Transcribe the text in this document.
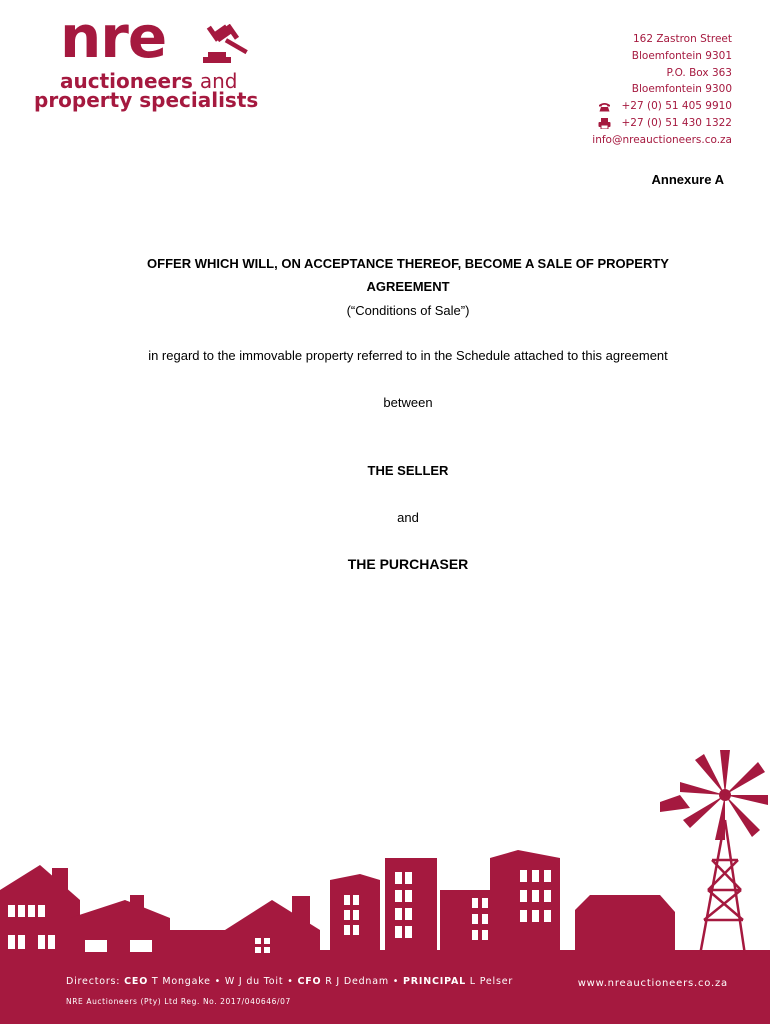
nre
auctioneers and
property specialists
162 Zastron Street
Bloemfontein 9301
P.O. Box 363
Bloemfontein 9300
+27 (0) 51 405 9910
+27 (0) 51 430 1322
info@nreauctioneers.co.za
Annexure A
OFFER WHICH WILL, ON ACCEPTANCE THEREOF, BECOME A SALE OF PROPERTY
AGREEMENT
(“Conditions of Sale”)
in regard to the immovable property referred to in the Schedule attached to this agreement
between
THE SELLER
and
THE PURCHASER
Directors: CEO T Mongake • W J du Toit • CFO R J Dednam • PRINCIPAL L Pelser
NRE Auctioneers (Pty) Ltd Reg. No. 2017/040646/07
www.nreauctioneers.co.za
